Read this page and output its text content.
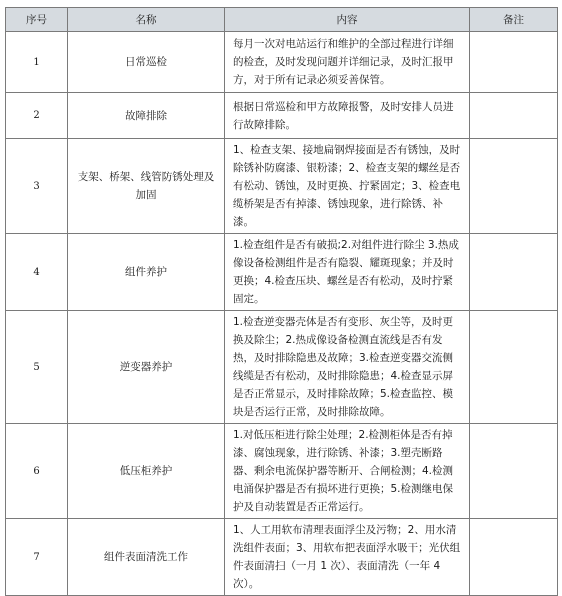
序号	名称	内容	备注
1	日常巡检	每月一次对电站运行和维护的全部过程进行详细的检查，及时发现问题并详细记录，及时汇报甲方，对于所有记录必须妥善保管。	
2	故障排除	根据日常巡检和甲方故障报警，及时安排人员进行故障排除。	
3	支架、桥架、线管防锈处理及加固	1、检查支架、接地扁钢焊接面是否有锈蚀，及时除锈补防腐漆、银粉漆；2、检查支架的螺丝是否有松动、锈蚀，及时更换、拧紧固定；3、检查电缆桥架是否有掉漆、锈蚀现象，进行除锈、补漆。	
4	组件养护	1.检查组件是否有破损;2.对组件进行除尘 3.热成像设备检测组件是否有隐裂、耀斑现象；并及时更换；4.检查压块、螺丝是否有松动，及时拧紧固定。	
5	逆变器养护	1.检查逆变器壳体是否有变形、灰尘等，及时更换及除尘；2.热成像设备检测直流线是否有发热，及时排除隐患及故障；3.检查逆变器交流侧线缆是否有松动，及时排除隐患；4.检查显示屏是否正常显示，及时排除故障；5.检查监控、模块是否运行正常，及时排除故障。	
6	低压柜养护	1.对低压柜进行除尘处理；2.检测柜体是否有掉漆、腐蚀现象，进行除锈、补漆；3.塑壳断路器、剩余电流保护器等断开、合闸检测；4.检测电涌保护器是否有损坏进行更换；5.检测继电保护及自动装置是否正常运行。	
7	组件表面清洗工作	1、人工用软布清理表面浮尘及污物；2、用水清洗组件表面；3、用软布把表面浮水吸干；光伏组件表面清扫（一月 1 次）、表面清洗（一年 4 次）。	
